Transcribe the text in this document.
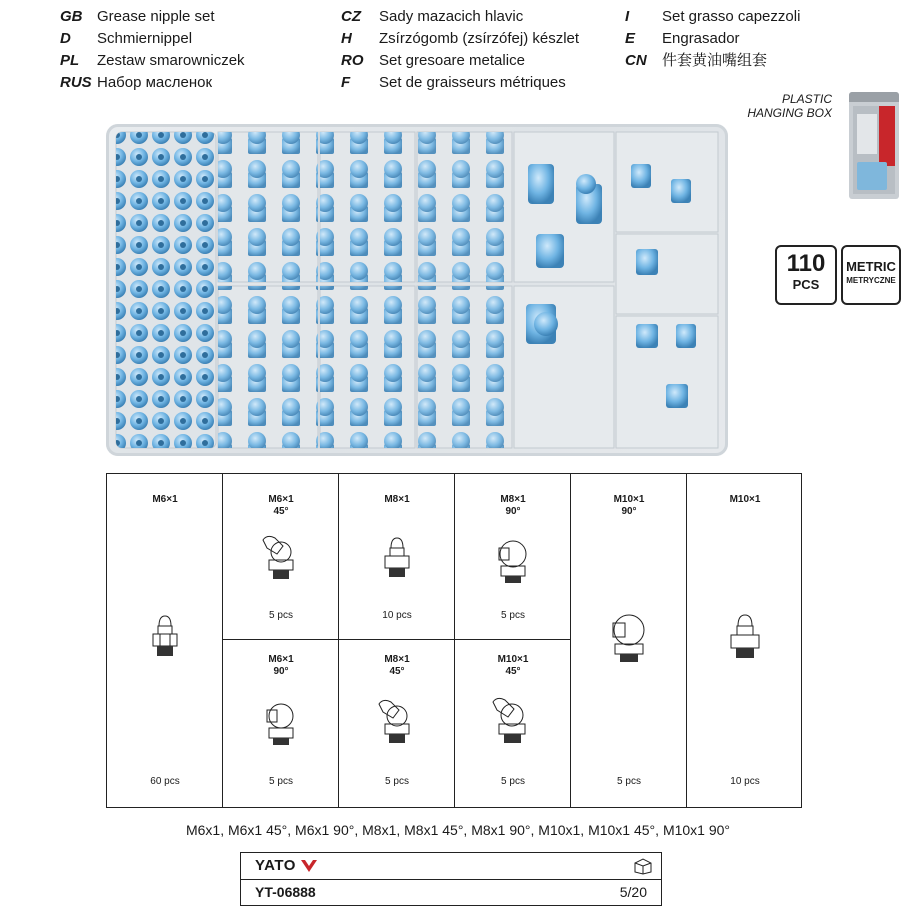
GB Grease nipple set
D Schmiernippel
PL Zestaw smarowniczek
RUS Набор масленок
CZ Sady mazacich hlavic
H Zsírzógomb (zsírzófej) készlet
RO Set gresoare metalice
F Set de graisseurs métriques
I Set grasso capezzoli
E Engrasador
CN 件套黄油嘴组套
PLASTIC
HANGING BOX
110
PCS
METRIC
METRYCZNE
M6×1
60 pcs
M6×1
45°
5 pcs
M8×1
10 pcs
M8×1
90°
5 pcs
M10×1
90°
5 pcs
M10×1
10 pcs
M6×1
90°
5 pcs
M8×1
45°
5 pcs
M10×1
45°
5 pcs
M6x1, M6x1 45°, M6x1 90°, M8x1, M8x1 45°, M8x1 90°, M10x1, M10x1 45°, M10x1 90°
YATO
YT-06888	5/20
